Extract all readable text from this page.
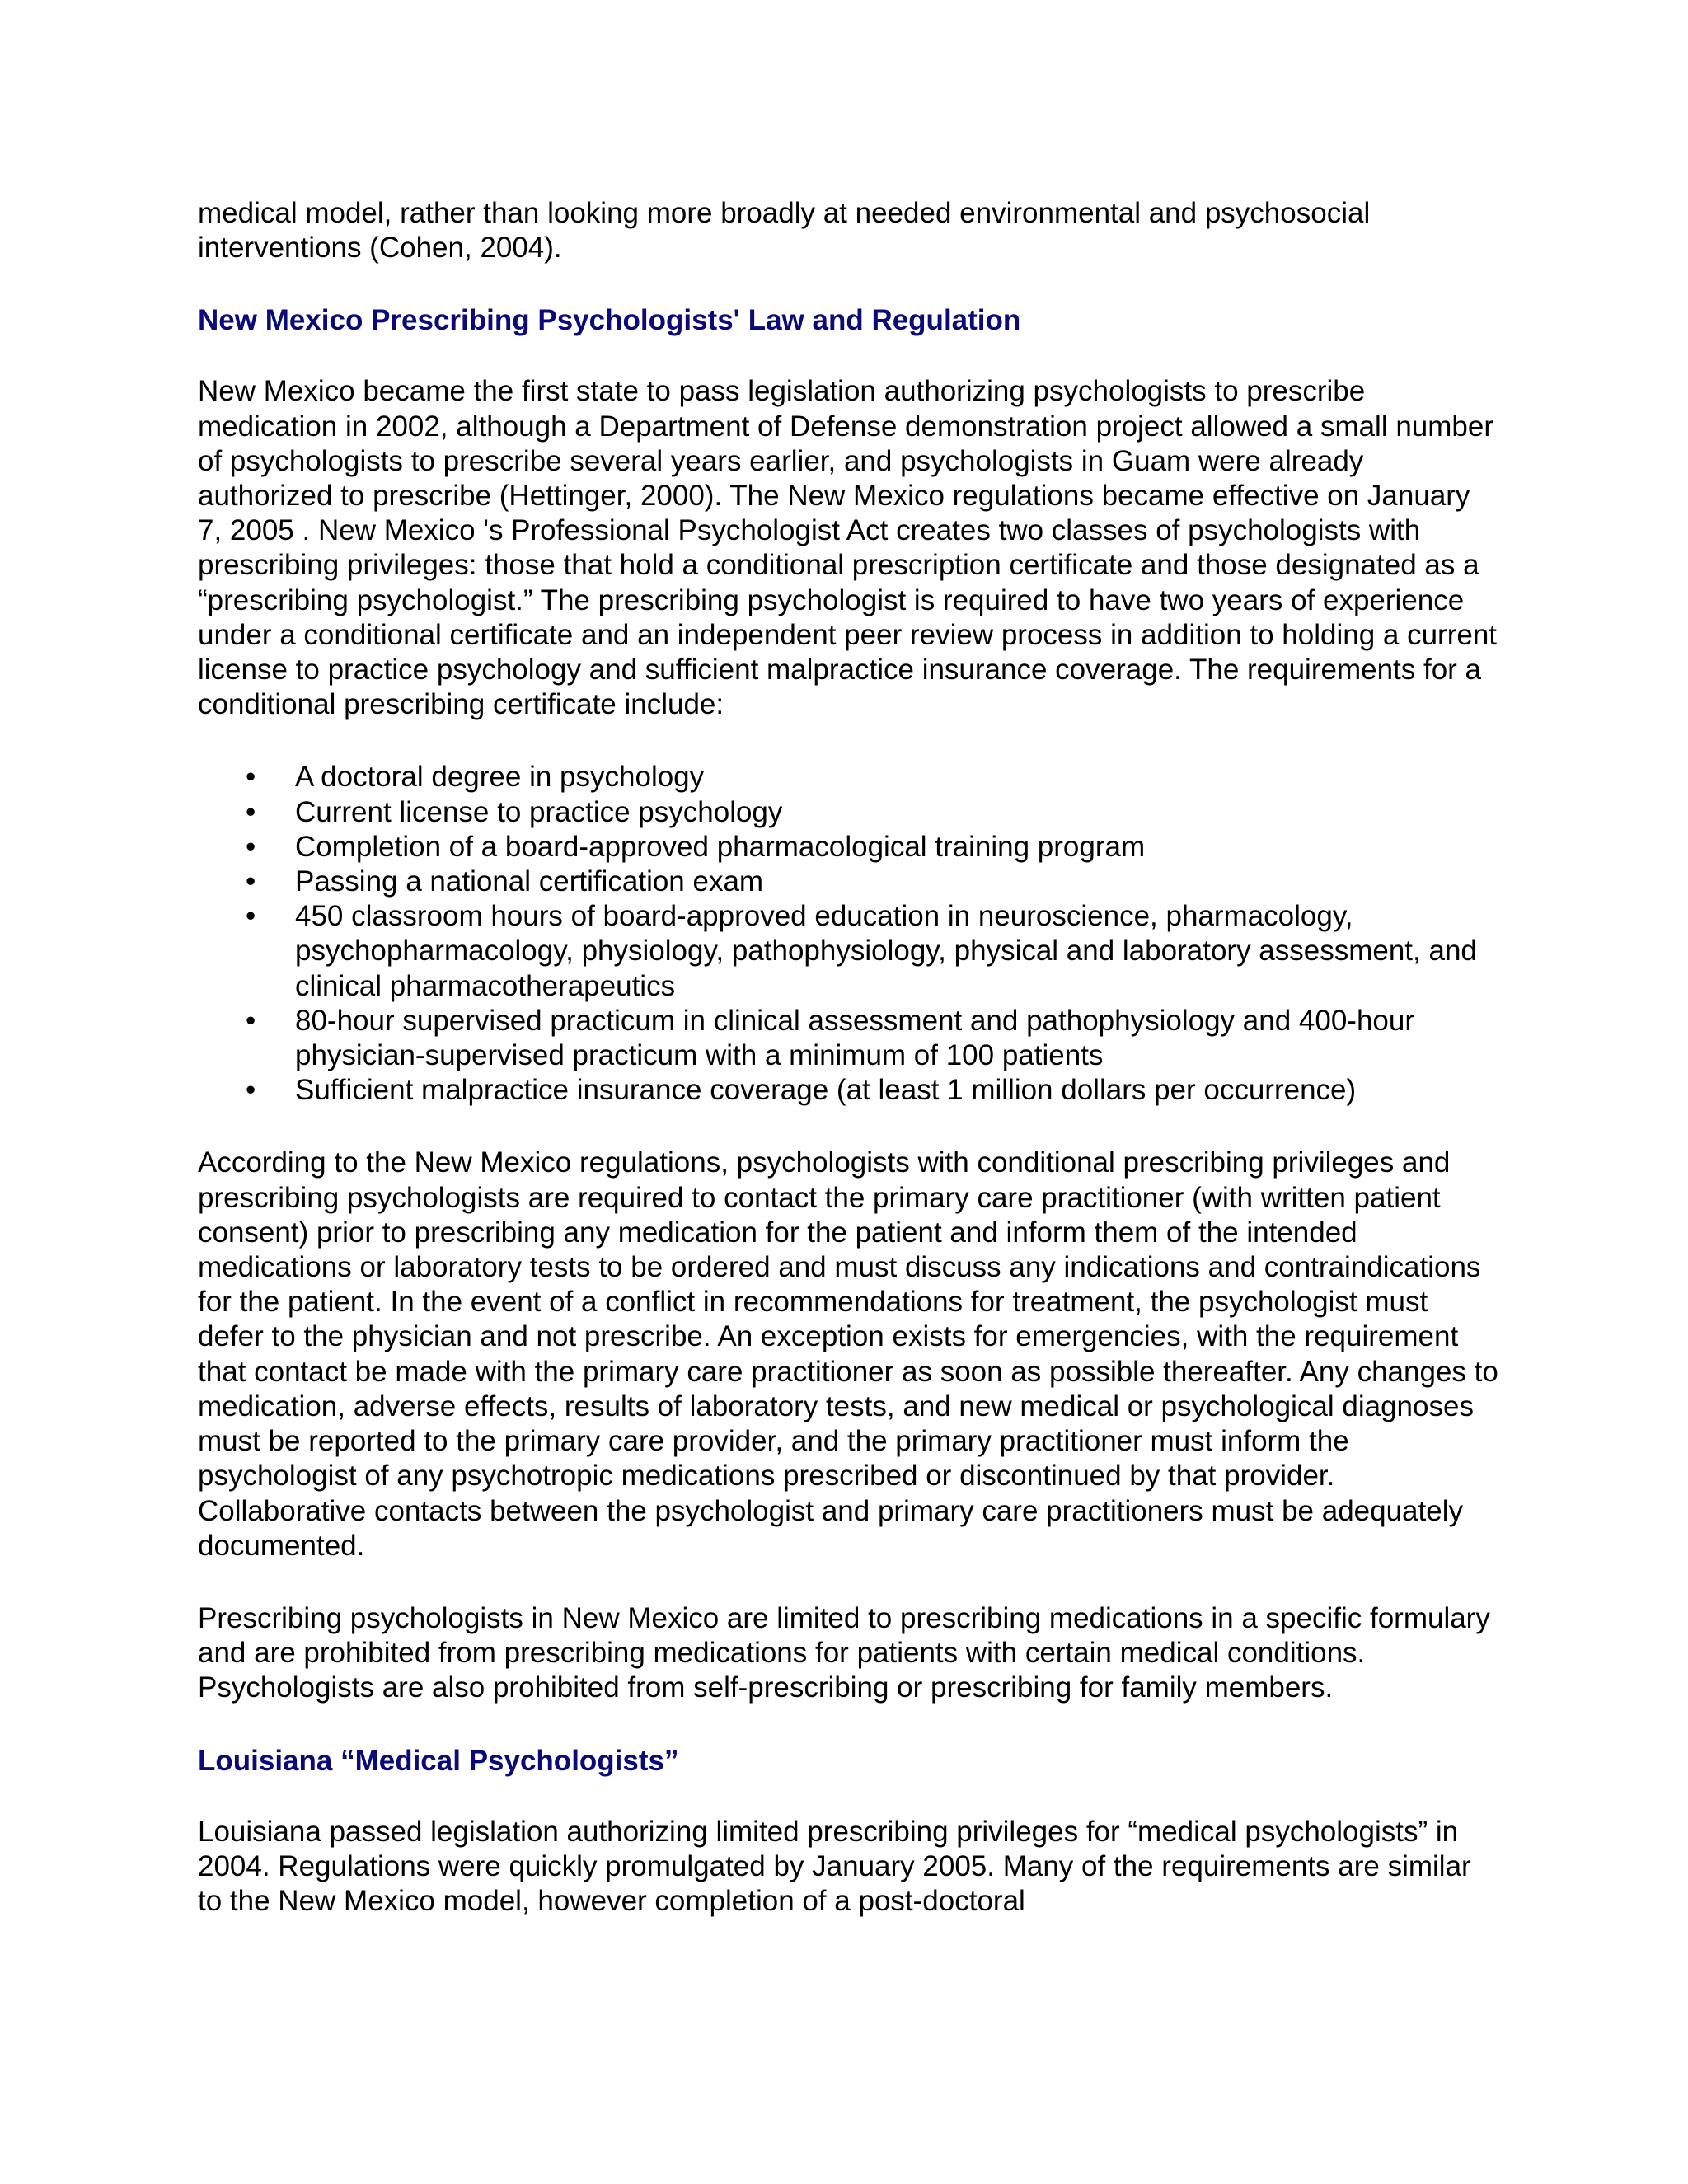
medical model, rather than looking more broadly at needed environmental and psychosocial interventions (Cohen, 2004).

New Mexico Prescribing Psychologists' Law and Regulation

New Mexico became the first state to pass legislation authorizing psychologists to prescribe medication in 2002, although a Department of Defense demonstration project allowed a small number of psychologists to prescribe several years earlier, and psychologists in Guam were already authorized to prescribe (Hettinger, 2000). The New Mexico regulations became effective on January 7, 2005 . New Mexico 's Professional Psychologist Act creates two classes of psychologists with prescribing privileges: those that hold a conditional prescription certificate and those designated as a “prescribing psychologist.” The prescribing psychologist is required to have two years of experience under a conditional certificate and an independent peer review process in addition to holding a current license to practice psychology and sufficient malpractice insurance coverage. The requirements for a conditional prescribing certificate include:

• A doctoral degree in psychology
• Current license to practice psychology
• Completion of a board-approved pharmacological training program
• Passing a national certification exam
• 450 classroom hours of board-approved education in neuroscience, pharmacology, psychopharmacology, physiology, pathophysiology, physical and laboratory assessment, and clinical pharmacotherapeutics
• 80-hour supervised practicum in clinical assessment and pathophysiology and 400-hour physician-supervised practicum with a minimum of 100 patients
• Sufficient malpractice insurance coverage (at least 1 million dollars per occurrence)

According to the New Mexico regulations, psychologists with conditional prescribing privileges and prescribing psychologists are required to contact the primary care practitioner (with written patient consent) prior to prescribing any medication for the patient and inform them of the intended medications or laboratory tests to be ordered and must discuss any indications and contraindications for the patient. In the event of a conflict in recommendations for treatment, the psychologist must defer to the physician and not prescribe. An exception exists for emergencies, with the requirement that contact be made with the primary care practitioner as soon as possible thereafter. Any changes to medication, adverse effects, results of laboratory tests, and new medical or psychological diagnoses must be reported to the primary care provider, and the primary practitioner must inform the psychologist of any psychotropic medications prescribed or discontinued by that provider. Collaborative contacts between the psychologist and primary care practitioners must be adequately documented.

Prescribing psychologists in New Mexico are limited to prescribing medications in a specific formulary and are prohibited from prescribing medications for patients with certain medical conditions. Psychologists are also prohibited from self-prescribing or prescribing for family members.

Louisiana “Medical Psychologists”

Louisiana passed legislation authorizing limited prescribing privileges for “medical psychologists” in 2004. Regulations were quickly promulgated by January 2005. Many of the requirements are similar to the New Mexico model, however completion of a post-doctoral
